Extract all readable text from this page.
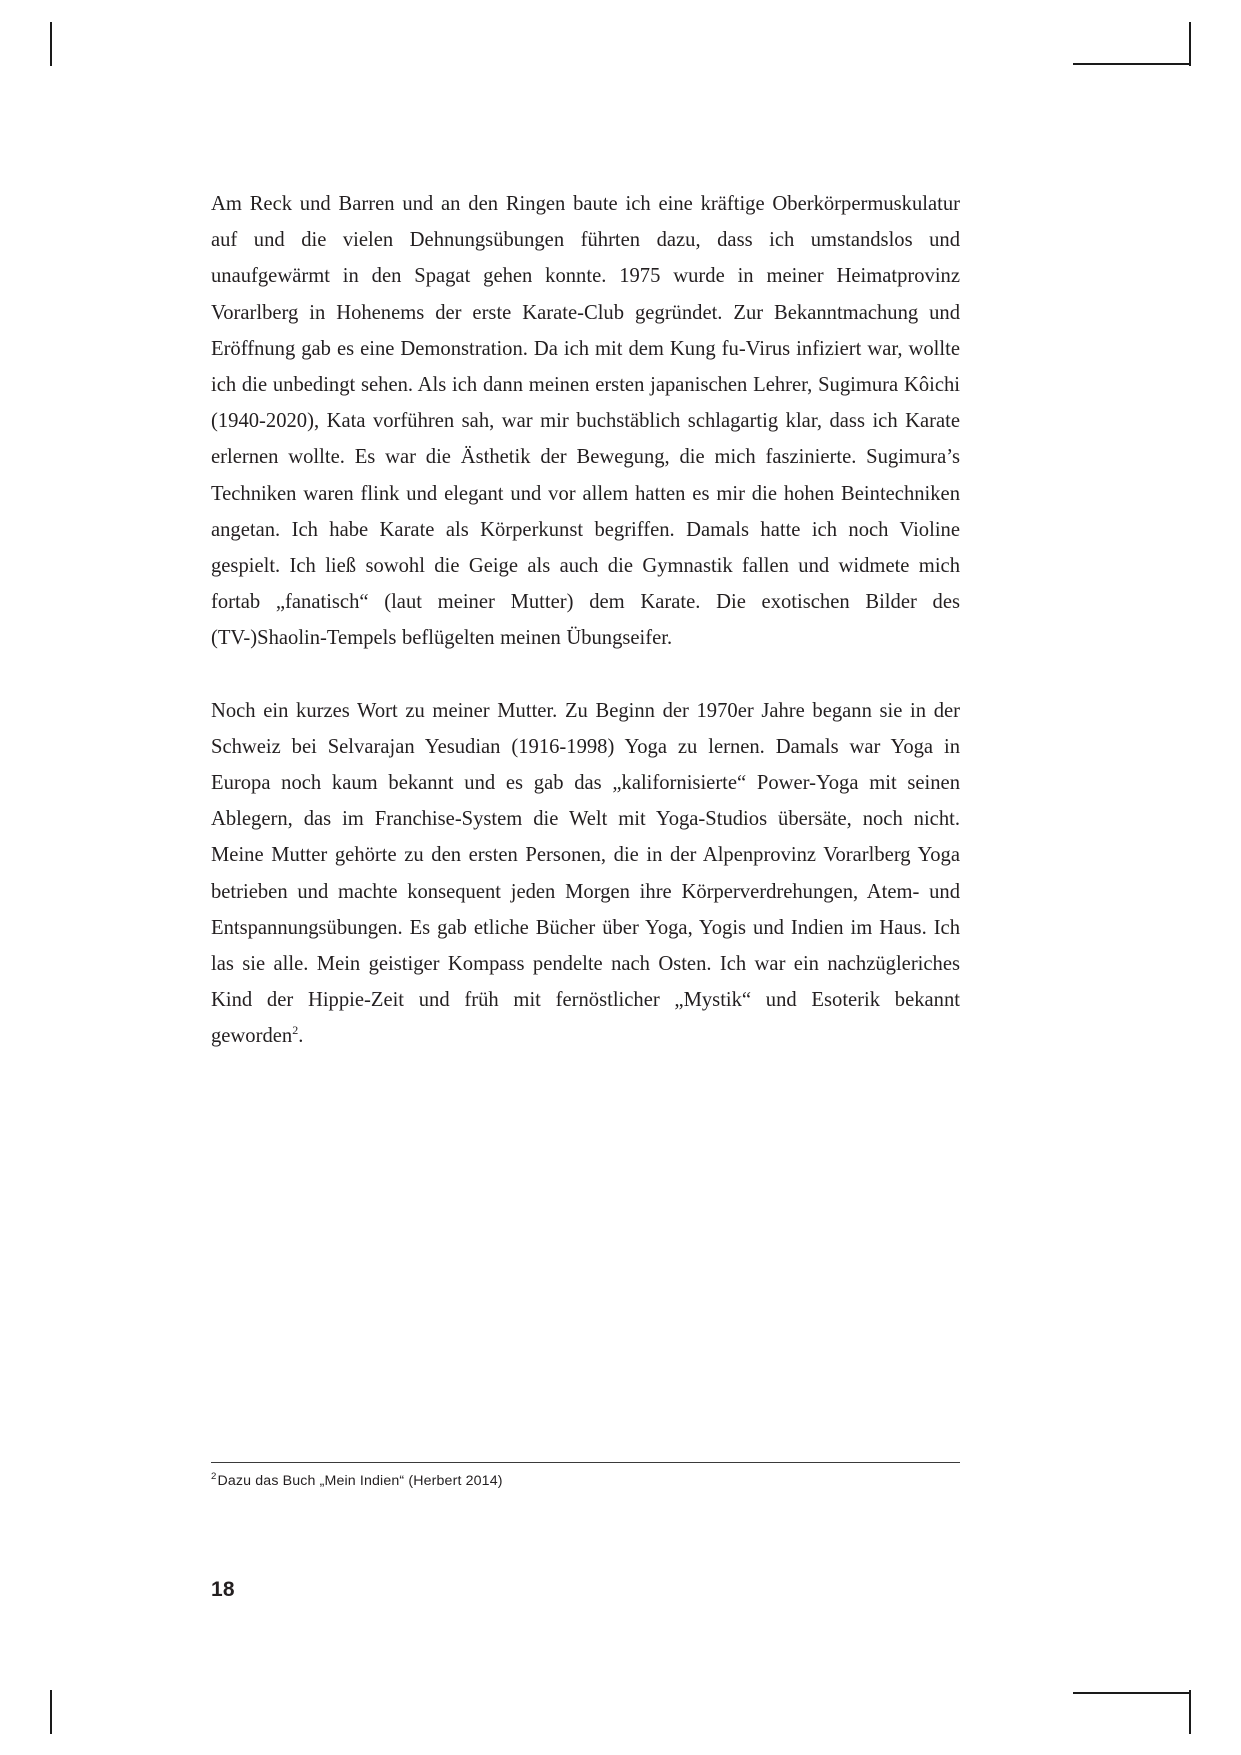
Am Reck und Barren und an den Ringen baute ich eine kräftige Oberkörpermuskulatur auf und die vielen Dehnungsübungen führten dazu, dass ich umstandslos und unaufgewärmt in den Spagat gehen konnte. 1975 wurde in meiner Heimatprovinz Vorarlberg in Hohenems der erste Karate-Club gegründet. Zur Bekanntmachung und Eröffnung gab es eine Demonstration. Da ich mit dem Kung fu-Virus infiziert war, wollte ich die unbedingt sehen. Als ich dann meinen ersten japanischen Lehrer, Sugimura Kôichi (1940-2020), Kata vorführen sah, war mir buchstäblich schlagartig klar, dass ich Karate erlernen wollte. Es war die Ästhetik der Bewegung, die mich faszinierte. Sugimura’s Techniken waren flink und elegant und vor allem hatten es mir die hohen Beintechniken angetan. Ich habe Karate als Körperkunst begriffen. Damals hatte ich noch Violine gespielt. Ich ließ sowohl die Geige als auch die Gymnastik fallen und widmete mich fortab „fanatisch“ (laut meiner Mutter) dem Karate. Die exotischen Bilder des (TV-)Shaolin-Tempels beflügelten meinen Übungseifer.

Noch ein kurzes Wort zu meiner Mutter. Zu Beginn der 1970er Jahre begann sie in der Schweiz bei Selvarajan Yesudian (1916-1998) Yoga zu lernen. Damals war Yoga in Europa noch kaum bekannt und es gab das „kalifornisierte“ Power-Yoga mit seinen Ablegern, das im Franchise-System die Welt mit Yoga-Studios übersäte, noch nicht. Meine Mutter gehörte zu den ersten Personen, die in der Alpenprovinz Vorarlberg Yoga betrieben und machte konsequent jeden Morgen ihre Körperverdrehungen, Atem- und Entspannungsübungen. Es gab etliche Bücher über Yoga, Yogis und Indien im Haus. Ich las sie alle. Mein geistiger Kompass pendelte nach Osten. Ich war ein nachzügleriches Kind der Hippie-Zeit und früh mit fernöstlicher „Mystik“ und Esoterik bekannt geworden$^2$.

$^2$Dazu das Buch „Mein Indien“ (Herbert 2014)
18
